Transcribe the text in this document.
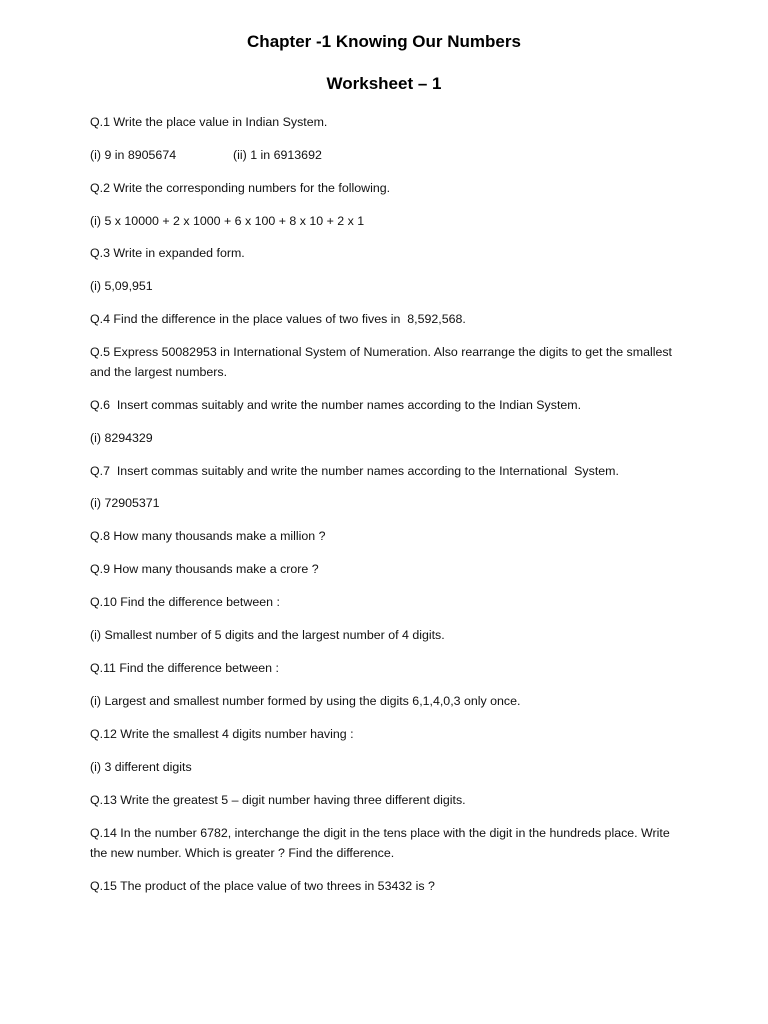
Chapter -1 Knowing Our Numbers
Worksheet – 1
Q.1 Write the place value in Indian System.
(i) 9 in 8905674	(ii) 1 in 6913692
Q.2 Write the corresponding numbers for the following.
(i) 5 x 10000 + 2 x 1000 + 6 x 100 + 8 x 10 + 2 x 1
Q.3 Write in expanded form.
(i) 5,09,951
Q.4 Find the difference in the place values of two fives in  8,592,568.
Q.5 Express 50082953 in International System of Numeration. Also rearrange the digits to get the smallest and the largest numbers.
Q.6  Insert commas suitably and write the number names according to the Indian System.
(i) 8294329
Q.7  Insert commas suitably and write the number names according to the International  System.
(i) 72905371
Q.8 How many thousands make a million ?
Q.9 How many thousands make a crore ?
Q.10 Find the difference between :
(i) Smallest number of 5 digits and the largest number of 4 digits.
Q.11 Find the difference between :
(i) Largest and smallest number formed by using the digits 6,1,4,0,3 only once.
Q.12 Write the smallest 4 digits number having :
(i) 3 different digits
Q.13 Write the greatest 5 – digit number having three different digits.
Q.14 In the number 6782, interchange the digit in the tens place with the digit in the hundreds place. Write the new number. Which is greater ? Find the difference.
Q.15 The product of the place value of two threes in 53432 is ?
